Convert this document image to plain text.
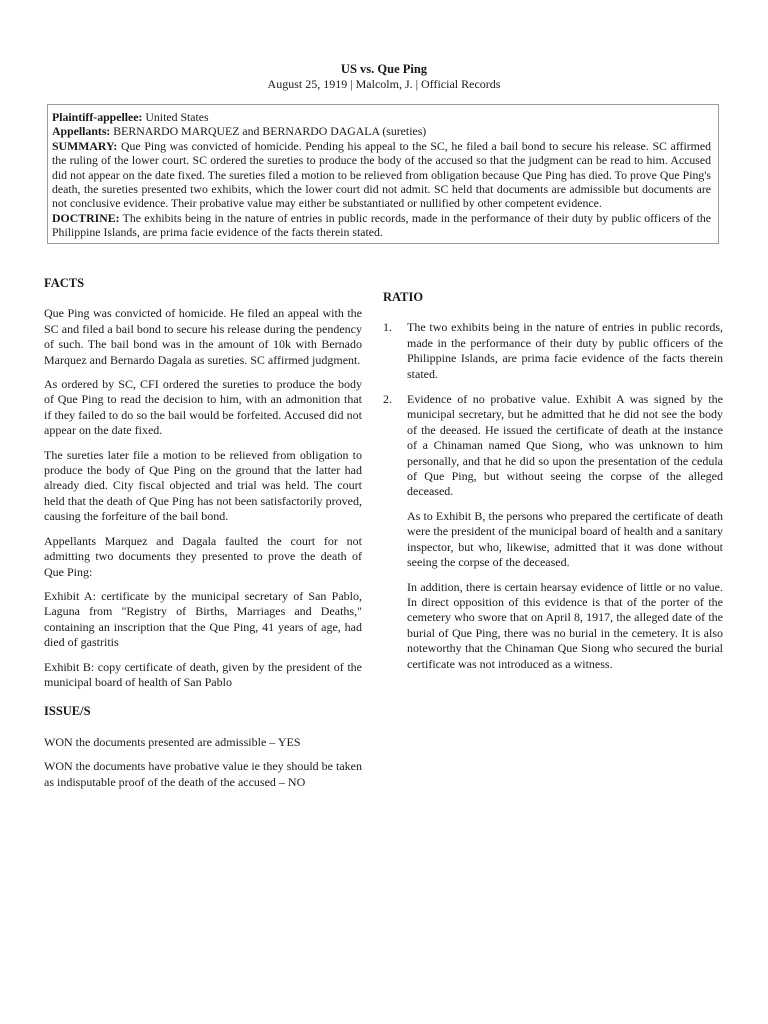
US vs. Que Ping
August 25, 1919 | Malcolm, J. | Official Records

Plaintiff-appellee: United States

Appellants: BERNARDO MARQUEZ and BERNARDO DAGALA (sureties)

SUMMARY: Que Ping was convicted of homicide. Pending his appeal to the SC, he filed a bail bond to secure his release. SC affirmed the ruling of the lower court. SC ordered the sureties to produce the body of the accused so that the judgment can be read to him. Accused did not appear on the date fixed. The sureties filed a motion to be relieved from obligation because Que Ping has died. To prove Que Ping's death, the sureties presented two exhibits, which the lower court did not admit. SC held that documents are admissible but documents are not conclusive evidence. Their probative value may either be substantiated or nullified by other competent evidence.

DOCTRINE: The exhibits being in the nature of entries in public records, made in the performance of their duty by public officers of the Philippine Islands, are prima facie evidence of the facts therein stated.

FACTS

Que Ping was convicted of homicide. He filed an appeal with the SC and filed a bail bond to secure his release during the pendency of such. The bail bond was in the amount of 10k with Bernado Marquez and Bernardo Dagala as sureties. SC affirmed judgment.

As ordered by SC, CFI ordered the sureties to produce the body of Que Ping to read the decision to him, with an admonition that if they failed to do so the bail would be forfeited. Accused did not appear on the date fixed.

The sureties later file a motion to be relieved from obligation to produce the body of Que Ping on the ground that the latter had already died. City fiscal objected and trial was held. The court held that the death of Que Ping has not been satisfactorily proved, causing the forfeiture of the bail bond.

Appellants Marquez and Dagala faulted the court for not admitting two documents they presented to prove the death of Que Ping:

Exhibit A: certificate by the municipal secretary of San Pablo, Laguna from "Registry of Births, Marriages and Deaths," containing an inscription that the Que Ping, 41 years of age, had died of gastritis

Exhibit B: copy certificate of death, given by the president of the municipal board of health of San Pablo

ISSUE/S

WON the documents presented are admissible – YES

WON the documents have probative value ie they should be taken as indisputable proof of the death of the accused – NO

RATIO
1. The two exhibits being in the nature of entries in public records, made in the performance of their duty by public officers of the Philippine Islands, are prima facie evidence of the facts therein stated.

2. Evidence of no probative value. Exhibit A was signed by the municipal secretary, but he admitted that he did not see the body of the deeased. He issued the certificate of death at the instance of a Chinaman named Que Siong, who was unknown to him personally, and that he did so upon the presentation of the cedula of Que Ping, but without seeing the corpse of the alleged deceased.

As to Exhibit B, the persons who prepared the certificate of death were the president of the municipal board of health and a sanitary inspector, but who, likewise, admitted that it was done without seeing the corpse of the deceased.

In addition, there is certain hearsay evidence of little or no value. In direct opposition of this evidence is that of the porter of the cemetery who swore that on April 8, 1917, the alleged date of the burial of Que Ping, there was no burial in the cemetery. It is also noteworthy that the Chinaman Que Siong who secured the burial certificate was not introduced as a witness.
